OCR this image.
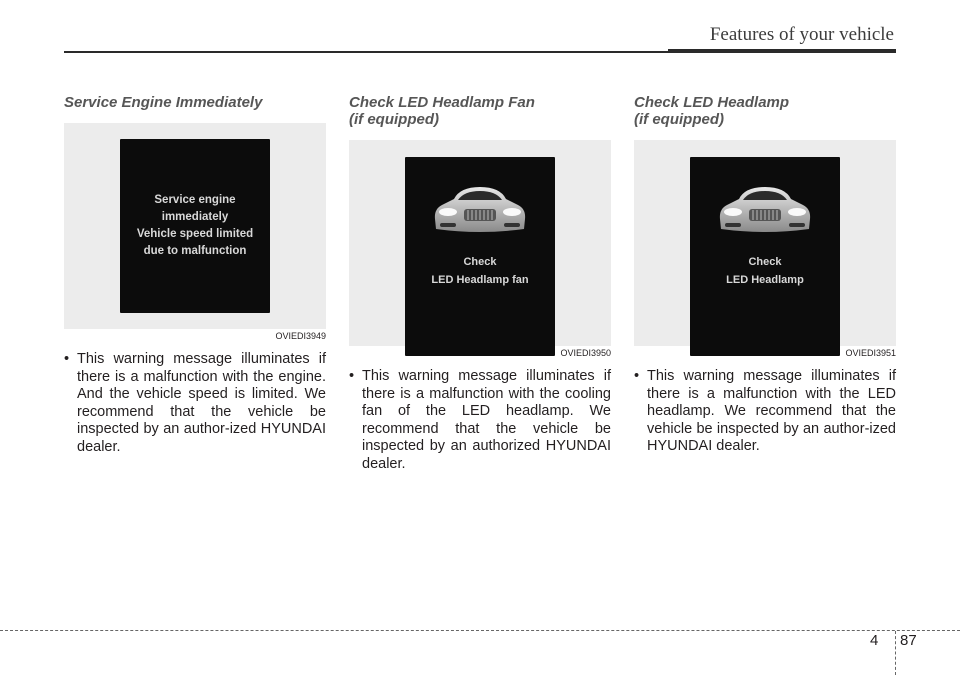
Features of your vehicle
Service Engine Immediately
Service engine
immediately
Vehicle speed limited
due to malfunction
OVIEDI3949

• This warning message illuminates if there is a malfunction with the engine. And the vehicle speed is limited. We recommend that the vehicle be inspected by an author-ized HYUNDAI dealer.

Check LED Headlamp Fan
(if equipped)
Check
LED Headlamp fan
OVIEDI3950

• This warning message illuminates if there is a malfunction with the cooling fan of the LED headlamp. We recommend that the vehicle be inspected by an authorized HYUNDAI dealer.

Check LED Headlamp
(if equipped)
Check
LED Headlamp
OVIEDI3951

• This warning message illuminates if there is a malfunction with the LED headlamp. We recommend that the vehicle be inspected by an author-ized HYUNDAI dealer.

4 87
